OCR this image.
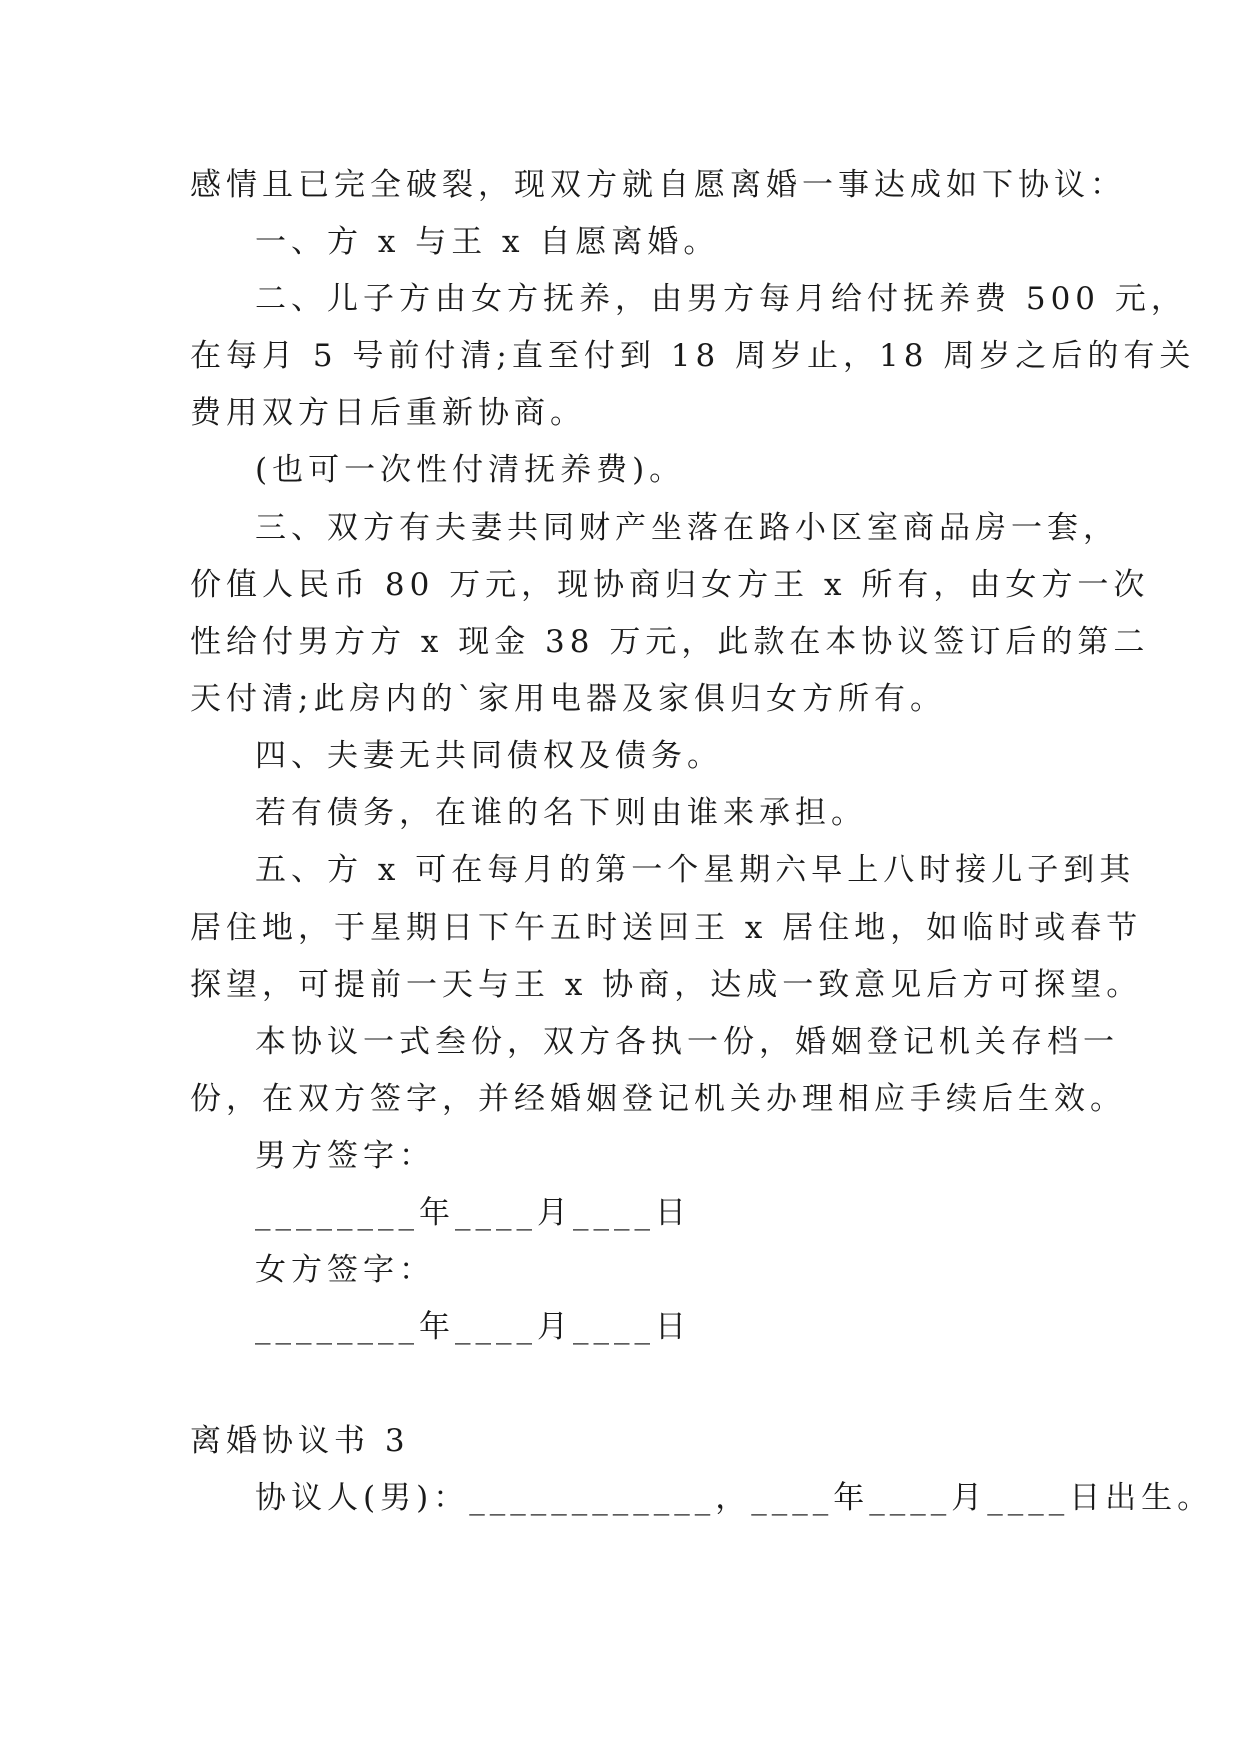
感情且已完全破裂，现双方就自愿离婚一事达成如下协议：
一、方 x 与王 x 自愿离婚。
二、儿子方由女方抚养，由男方每月给付抚养费 500 元，
在每月 5 号前付清;直至付到 18 周岁止，18 周岁之后的有关
费用双方日后重新协商。
(也可一次性付清抚养费)。
三、双方有夫妻共同财产坐落在路小区室商品房一套，
价值人民币 80 万元，现协商归女方王 x 所有，由女方一次
性给付男方方 x 现金 38 万元，此款在本协议签订后的第二
天付清;此房内的`家用电器及家俱归女方所有。
四、夫妻无共同债权及债务。
若有债务，在谁的名下则由谁来承担。
五、方 x 可在每月的第一个星期六早上八时接儿子到其
居住地，于星期日下午五时送回王 x 居住地，如临时或春节
探望，可提前一天与王 x 协商，达成一致意见后方可探望。
本协议一式叁份，双方各执一份，婚姻登记机关存档一
份，在双方签字，并经婚姻登记机关办理相应手续后生效。
男方签字：
________年____月____日
女方签字：
________年____月____日
离婚协议书 3
协议人(男)：____________，____年____月____日出生。
